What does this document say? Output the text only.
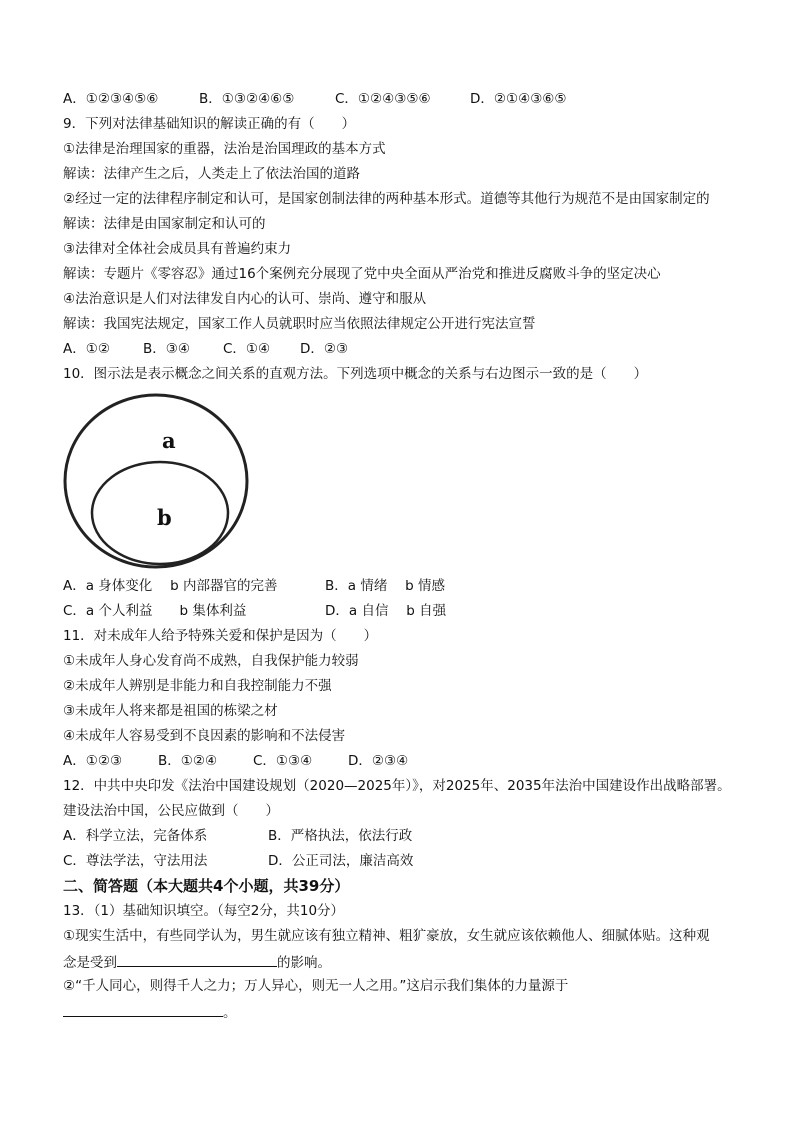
A．①②③④⑤⑥	B．①③②④⑥⑤	C．①②④③⑤⑥	D．②①④③⑥⑤
9．下列对法律基础知识的解读正确的有（　　）
①法律是治理国家的重器，法治是治国理政的基本方式
解读：法律产生之后，人类走上了依法治国的道路
②经过一定的法律程序制定和认可，是国家创制法律的两种基本形式。道德等其他行为规范不是由国家制定的
解读：法律是由国家制定和认可的
③法律对全体社会成员具有普遍约束力
解读：专题片《零容忍》通过16个案例充分展现了党中央全面从严治党和推进反腐败斗争的坚定决心
④法治意识是人们对法律发自内心的认可、崇尚、遵守和服从
解读：我国宪法规定，国家工作人员就职时应当依照法律规定公开进行宪法宣誓
A．①② B．③④ C．①④ D．②③
10．图示法是表示概念之间关系的直观方法。下列选项中概念的关系与右边图示一致的是（　　）
a
b
A．a 身体变化　 b 内部器官的完善	B．a 情绪　 b 情感
C．a 个人利益　　b 集体利益	D．a 自信　 b 自强
11．对未成年人给予特殊关爱和保护是因为（　　）
①未成年人身心发育尚不成熟，自我保护能力较弱
②未成年人辨别是非能力和自我控制能力不强
③未成年人将来都是祖国的栋梁之材
④未成年人容易受到不良因素的影响和不法侵害
A．①②③	B．①②④	C．①③④	D．②③④
12．中共中央印发《法治中国建设规划（2020—2025年）》，对2025年、2035年法治中国建设作出战略部署。
建设法治中国，公民应做到（　　）
A．科学立法，完备体系	B．严格执法，依法行政
C．尊法学法，守法用法	D．公正司法，廉洁高效
二、简答题（本大题共4个小题，共39分）
13．（1）基础知识填空。（每空2分，共10分）
①现实生活中，有些同学认为，男生就应该有独立精神、粗犷豪放，女生就应该依赖他人、细腻体贴。这种观
念是受到	的影响。
②“千人同心，则得千人之力；万人异心，则无一人之用。”这启示我们集体的力量源于
。
